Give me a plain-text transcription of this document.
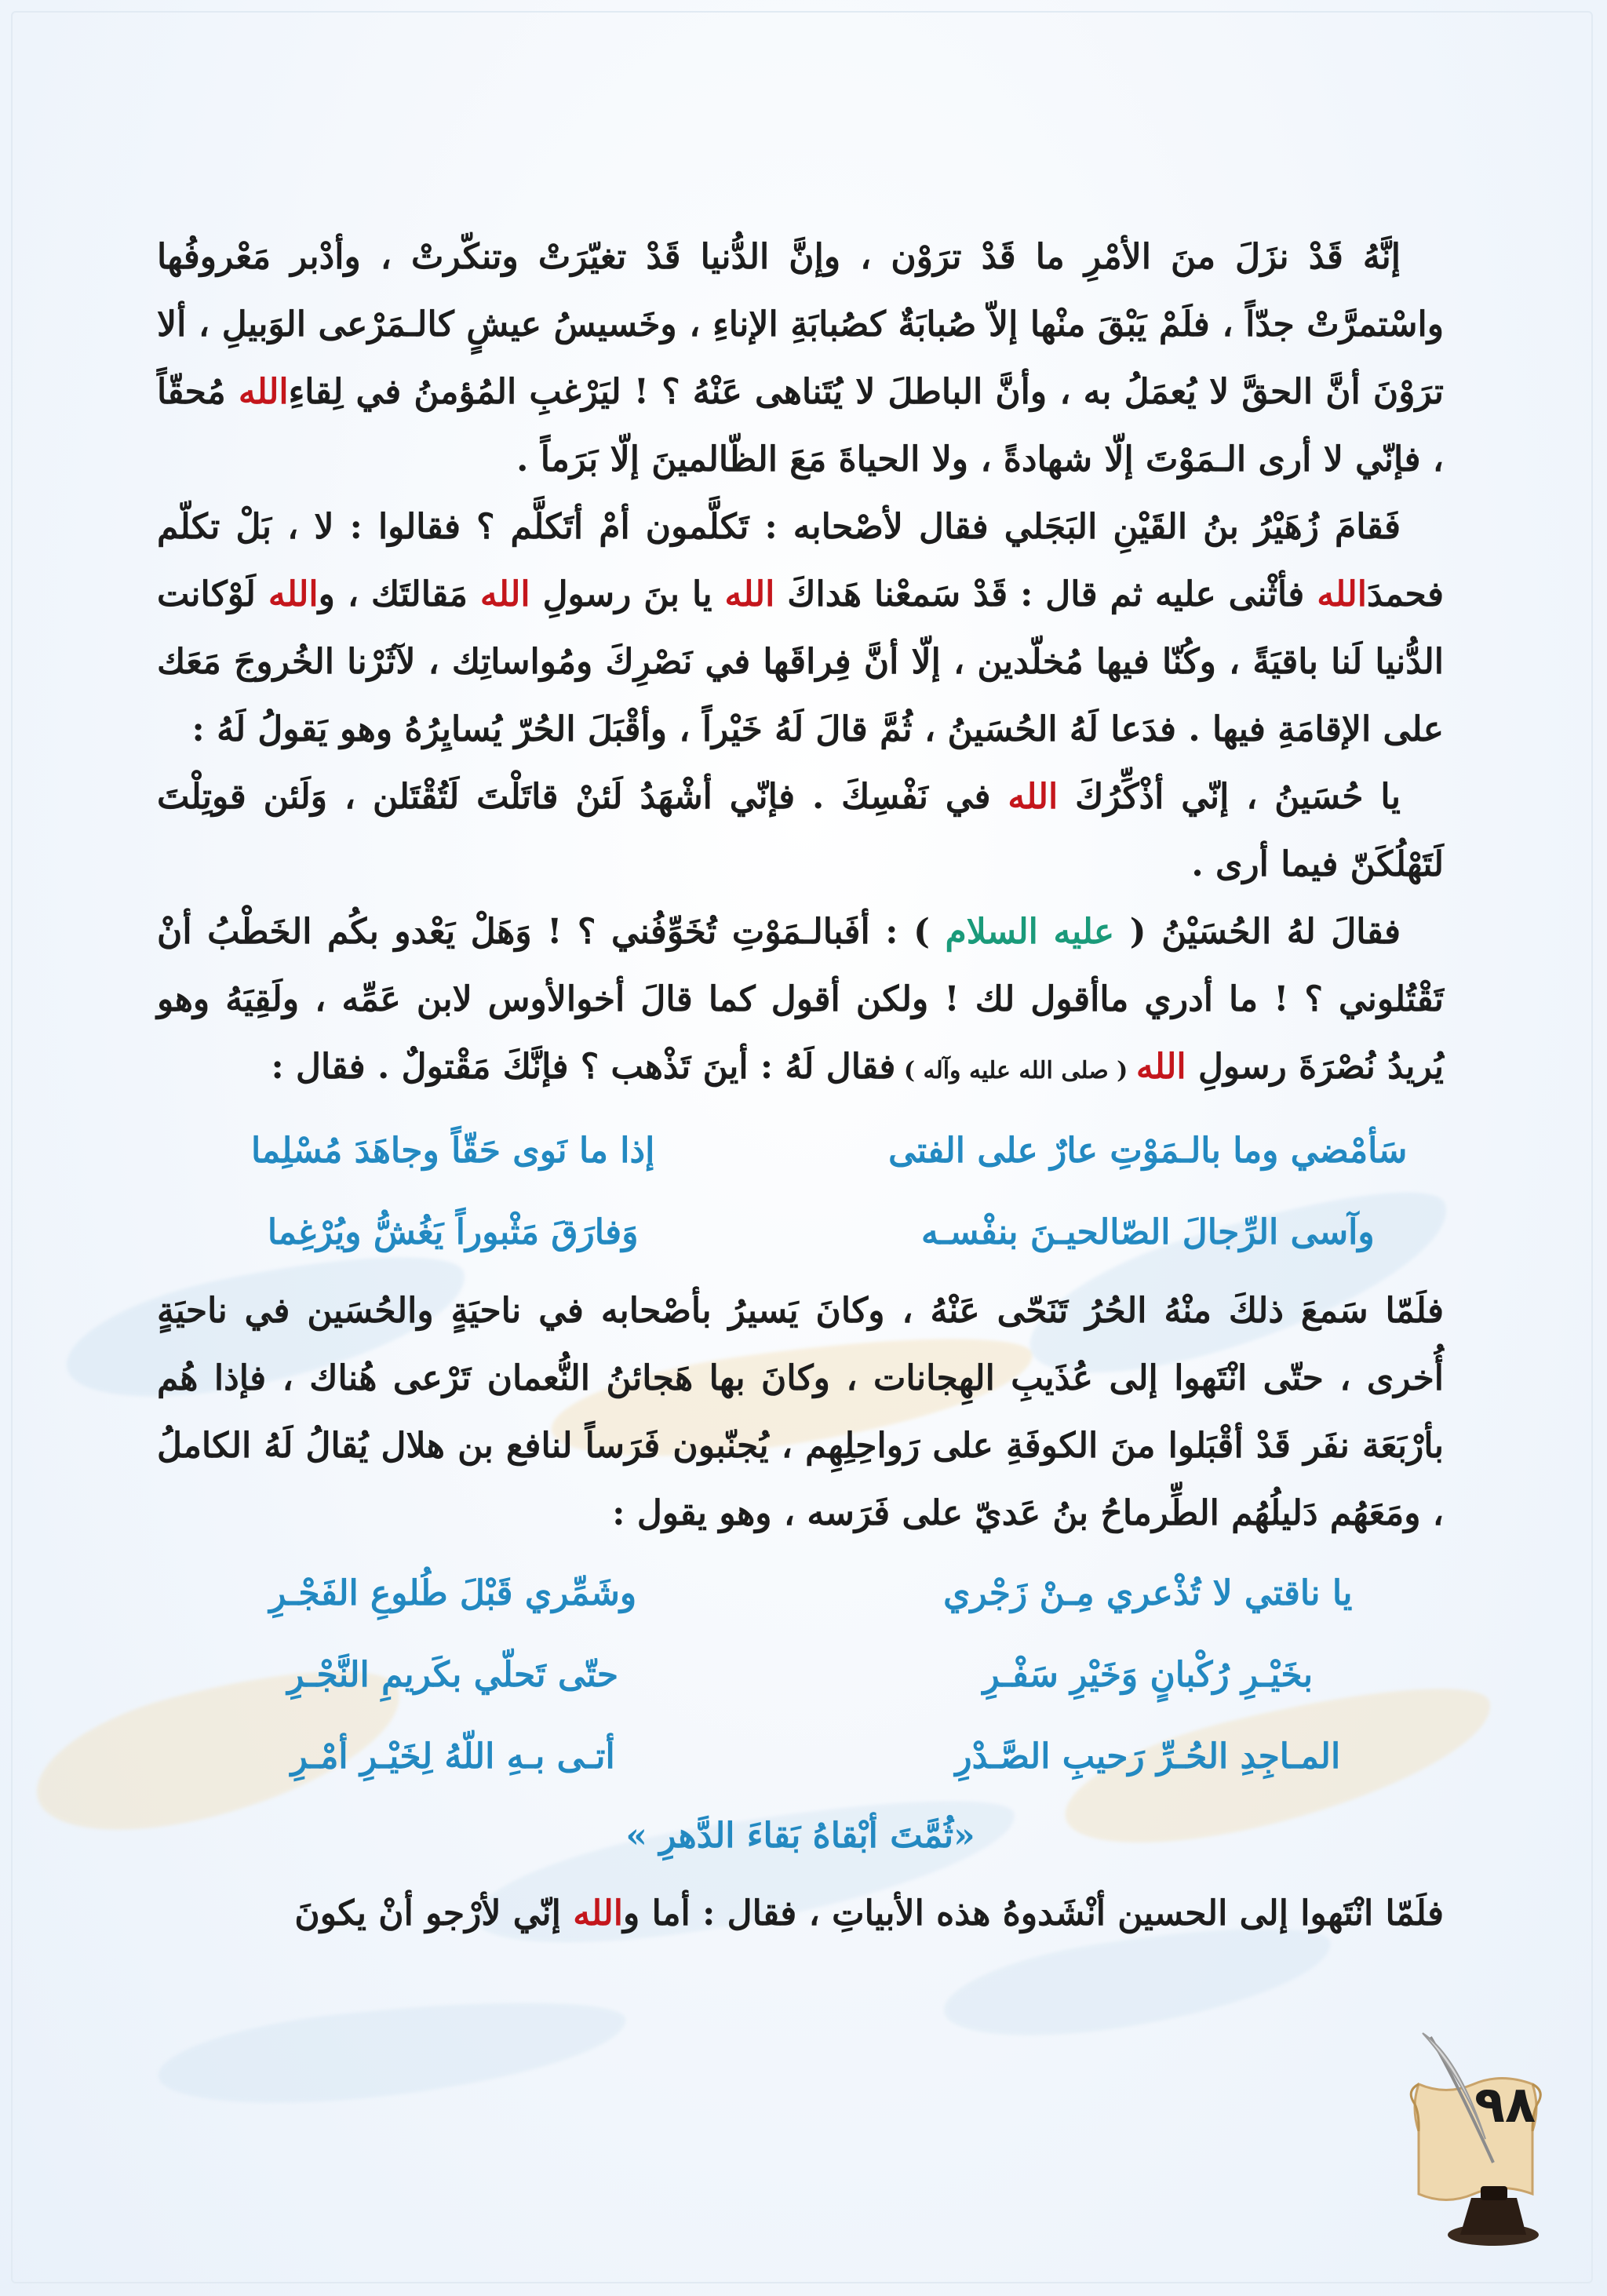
إنَّهُ قَدْ نزَلَ منَ الأمْرِ ما قَدْ ترَوْن ، وإنَّ الدُّنيا قَدْ تغيّرَتْ وتنكّرتْ ، وأدْبر مَعْروفُها واسْتمرَّتْ جدّاً ، فلَمْ يَبْقَ منْها إلاّ صُبابَةٌ كصُبابَةِ الإناءِ ، وخَسيسُ عيشٍ كالـمَرْعى الوَبيلِ ، ألا ترَوْنَ أنَّ الحقَّ لا يُعمَلُ به ، وأنَّ الباطلَ لا يُتَناهى عَنْهُ ؟ ! ليَرْغبِ المُؤمنُ في لِقاءِالله مُحقّاً ، فإنّي لا أرى الـمَوْتَ إلّا شهادةً ، ولا الحياةَ مَعَ الظّالمينَ إلّا بَرَماً .

فَقامَ زُهَيْرُ بنُ القَيْنِ البَجَلي فقال لأصْحابه : تَكلَّمون أمْ أتَكلَّم ؟ فقالوا : لا ، بَلْ تكلّم فحمدَالله فأثْنى عليه ثم قال : قَدْ سَمعْنا هَداكَ الله يا بنَ رسولِ الله مَقالتَك ، والله لَوْكانت الدُّنيا لَنا باقيَةً ، وكُنّا فيها مُخلّدين ، إلّا أنَّ فِراقَها في نَصْرِكَ ومُواساتِك ، لآثَرْنا الخُروجَ مَعَك على الإقامَةِ فيها . فدَعا لَهُ الحُسَينُ ، ثُمَّ قالَ لَهُ خَيْراً ، وأقْبَلَ الحُرّ يُسايِرُهُ وهو يَقولُ لَهُ :

يا حُسَينُ ، إنّي أذْكِّرُكَ الله في نَفْسِكَ . فإنّي أشْهَدُ لَئنْ قاتَلْتَ لَتُقْتَلن ، وَلَئن قوتِلْتَ لَتَهْلُكَنّ فيما أرى .

فقالَ لهُ الحُسَيْنُ ( عليه السلام ) : أفَبالـمَوْتِ تُخَوِّفُني ؟ ! وَهَلْ يَعْدو بكُم الخَطْبُ أنْ تَقْتُلوني ؟ ! ما أدري ماأقول لك ! ولكن أقول كما قالَ أخوالأوس لابن عَمِّه ، ولَقِيَهُ وهو يُريدُ نُصْرَةَ رسولِ الله ( صلى الله عليه وآله ) فقال لَهُ : أينَ تَذْهب ؟ فإنَّكَ مَقْتولٌ . فقال :

سَأمْضي وما بالـمَوْتِ عارٌ على الفتى
إذا ما نَوى حَقّاً وجاهَدَ مُسْلِما
وآسى الرِّجالَ الصّالحيـنَ بنفْسـه
وَفارَقَ مَثْبوراً يَغُشُّ ويُرْغِما

فلَمّا سَمعَ ذلكَ منْهُ الحُرُ تَنَحّى عَنْهُ ، وكانَ يَسيرُ بأصْحابه في ناحيَةٍ والحُسَين في ناحيَةٍ أُخرى ، حتّى انْتَهوا إلى عُذَيبِ الهِجانات ، وكانَ بها هَجائنُ النُّعمان تَرْعى هُناك ، فإذا هُم بأرْبَعَة نفَر قَدْ أقْبَلوا منَ الكوفَةِ على رَواحِلِهِم ، يُجنّبون فَرَساً لنافع بن هلال يُقالُ لَهُ الكاملُ ، ومَعَهُم دَليلُهُم الطِّرماحُ بنُ عَديّ على فَرَسه ، وهو يقول :

يا ناقتي لا تُذْعري مِـنْ زَجْري
وشَمِّري قَبْلَ طُلوعِ الفَجْـرِ
بخَيْـرِ رُكْبانٍ وَخَيْرِ سَفْـرِ
حتّى تَحلّي بكَريمِ النَّجْـرِ
المـاجِدِ الحُـرِّ رَحيبِ الصَّـدْرِ
أتـى بـهِ اللّهُ لِخَيْـرِ أمْـرِ
«ثُمَّتَ أبْقاهُ بَقاءَ الدَّهرِ »

فلَمّا انْتَهوا إلى الحسين أنْشَدوهُ هذه الأبياتِ ، فقال : أما والله إنّي لأرْجو أنْ يكونَ

٩٨
